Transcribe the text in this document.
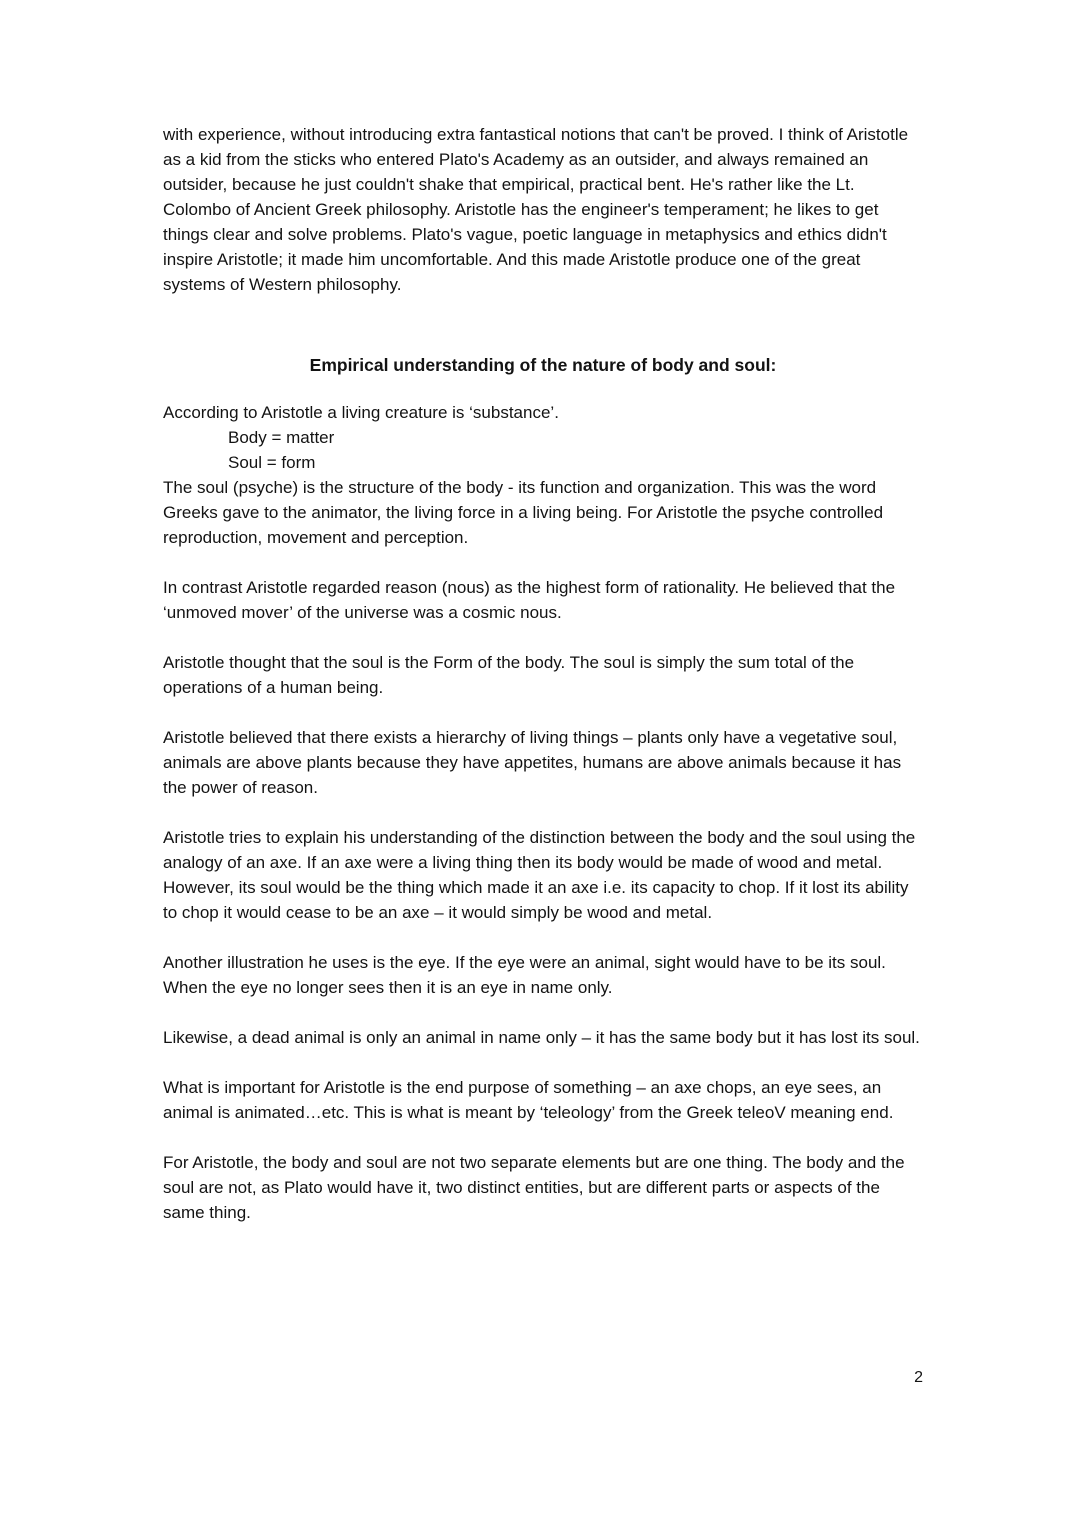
with experience, without introducing extra fantastical notions that can't be proved. I think of Aristotle as a kid from the sticks who entered Plato's Academy as an outsider, and always remained an outsider, because he just couldn't shake that empirical, practical bent. He's rather like the Lt. Colombo of Ancient Greek philosophy. Aristotle has the engineer's temperament; he likes to get things clear and solve problems. Plato's vague, poetic language in metaphysics and ethics didn't inspire Aristotle; it made him uncomfortable. And this made Aristotle produce one of the great systems of Western philosophy.

Empirical understanding of the nature of body and soul:

According to Aristotle a living creature is ‘substance’.

Body = matter

Soul = form

The soul (psyche) is the structure of the body - its function and organization. This was the word Greeks gave to the animator, the living force in a living being. For Aristotle the psyche controlled reproduction, movement and perception.

In contrast Aristotle regarded reason (nous) as the highest form of rationality. He believed that the ‘unmoved mover’ of the universe was a cosmic nous.

Aristotle thought that the soul is the Form of the body. The soul is simply the sum total of the operations of a human being.

Aristotle believed that there exists a hierarchy of living things – plants only have a vegetative soul, animals are above plants because they have appetites, humans are above animals because it has the power of reason.

Aristotle tries to explain his understanding of the distinction between the body and the soul using the analogy of an axe. If an axe were a living thing then its body would be made of wood and metal. However, its soul would be the thing which made it an axe i.e. its capacity to chop. If it lost its ability to chop it would cease to be an axe – it would simply be wood and metal.

Another illustration he uses is the eye. If the eye were an animal, sight would have to be its soul. When the eye no longer sees then it is an eye in name only.

Likewise, a dead animal is only an animal in name only – it has the same body but it has lost its soul.

What is important for Aristotle is the end purpose of something – an axe chops, an eye sees, an animal is animated…etc. This is what is meant by ‘teleology’ from the Greek teleoV meaning end.

For Aristotle, the body and soul are not two separate elements but are one thing. The body and the soul are not, as Plato would have it, two distinct entities, but are different parts or aspects of the same thing.

2
